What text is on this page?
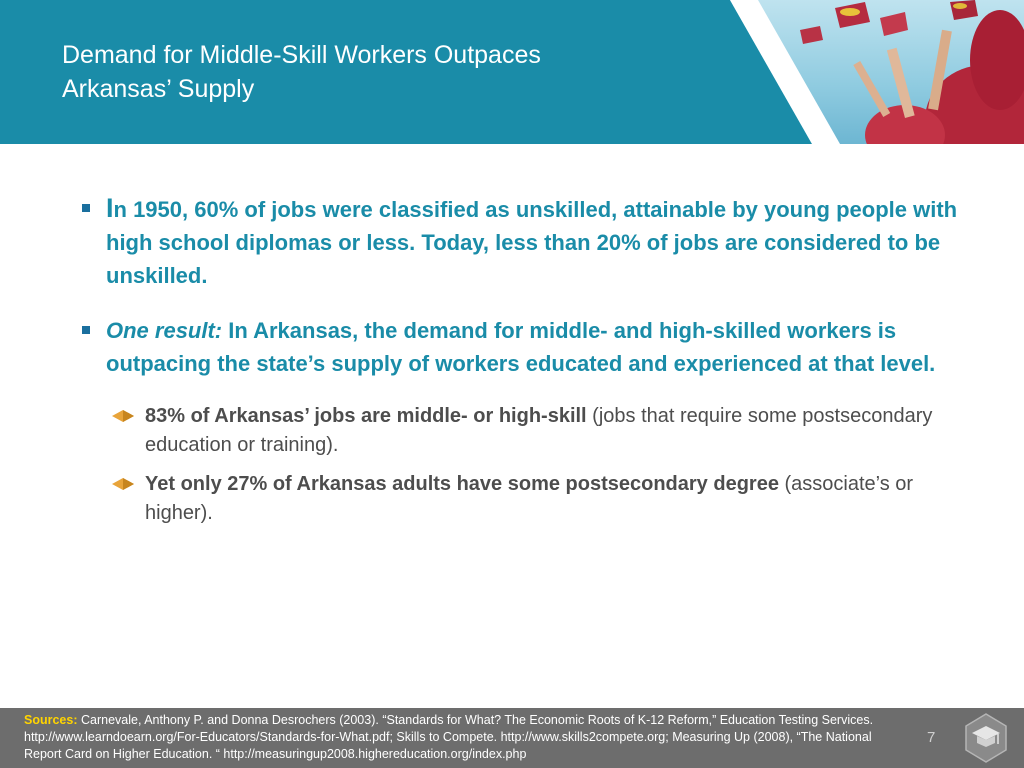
Demand for Middle-Skill Workers Outpaces
Arkansas’ Supply
In 1950, 60% of jobs were classified as unskilled, attainable by young people with high school diplomas or less. Today, less than 20% of jobs are considered to be unskilled.
One result: In Arkansas, the demand for middle- and high-skilled workers is outpacing the state’s supply of workers educated and experienced at that level.
83% of Arkansas’ jobs are middle- or high-skill (jobs that require some postsecondary education or training).
Yet only 27% of Arkansas adults have some postsecondary degree (associate’s or higher).
Sources: Carnevale, Anthony P. and Donna Desrochers (2003). “Standards for What? The Economic Roots of K-12 Reform,” Education Testing Services. http://www.learndoearn.org/For-Educators/Standards-for-What.pdf; Skills to Compete. http://www.skills2compete.org; Measuring Up (2008), “The National Report Card on Higher Education. “ http://measuringup2008.highereducation.org/index.php
7
